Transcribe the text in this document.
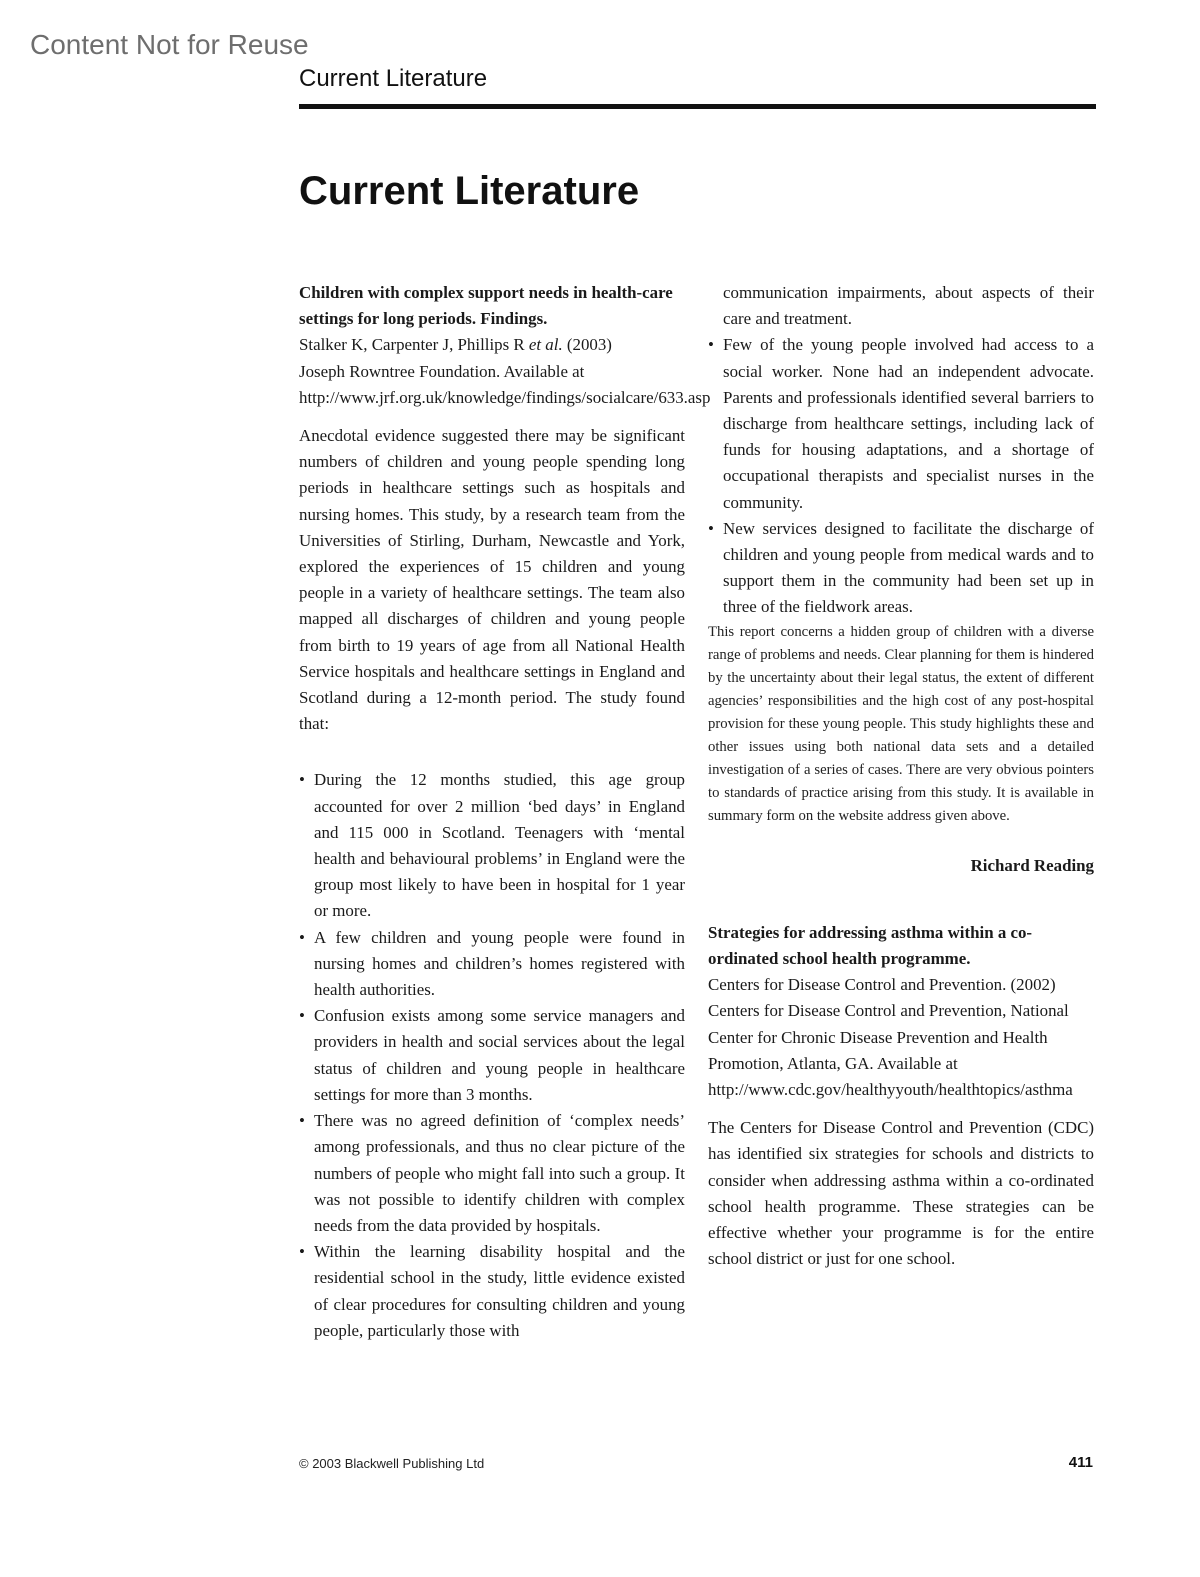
Content Not for Reuse
Current Literature
Current Literature

Children with complex support needs in health-care settings for long periods. Findings.

Stalker K, Carpenter J, Phillips R et al. (2003)

Joseph Rowntree Foundation. Available at http://www.jrf.org.uk/knowledge/findings/socialcare/633.asp

Anecdotal evidence suggested there may be significant numbers of children and young people spending long periods in healthcare settings such as hospitals and nursing homes. This study, by a research team from the Universities of Stirling, Durham, Newcastle and York, explored the experiences of 15 children and young people in a variety of healthcare settings. The team also mapped all discharges of children and young people from birth to 19 years of age from all National Health Service hospitals and healthcare settings in England and Scotland during a 12-month period. The study found that:

• During the 12 months studied, this age group accounted for over 2 million ‘bed days’ in England and 115 000 in Scotland. Teenagers with ‘mental health and behavioural problems’ in England were the group most likely to have been in hospital for 1 year or more.
• A few children and young people were found in nursing homes and children’s homes registered with health authorities.
• Confusion exists among some service managers and providers in health and social services about the legal status of children and young people in healthcare settings for more than 3 months.
• There was no agreed definition of ‘complex needs’ among professionals, and thus no clear picture of the numbers of people who might fall into such a group. It was not possible to identify children with complex needs from the data provided by hospitals.
• Within the learning disability hospital and the residential school in the study, little evidence existed of clear procedures for consulting children and young people, particularly those with

communication impairments, about aspects of their care and treatment.

• Few of the young people involved had access to a social worker. None had an independent advocate. Parents and professionals identified several barriers to discharge from healthcare settings, including lack of funds for housing adaptations, and a shortage of occupational therapists and specialist nurses in the community.
• New services designed to facilitate the discharge of children and young people from medical wards and to support them in the community had been set up in three of the fieldwork areas.

This report concerns a hidden group of children with a diverse range of problems and needs. Clear planning for them is hindered by the uncertainty about their legal status, the extent of different agencies’ responsibilities and the high cost of any post-hospital provision for these young people. This study highlights these and other issues using both national data sets and a detailed investigation of a series of cases. There are very obvious pointers to standards of practice arising from this study. It is available in summary form on the website address given above.

Richard Reading

Strategies for addressing asthma within a co-ordinated school health programme.

Centers for Disease Control and Prevention. (2002) Centers for Disease Control and Prevention, National Center for Chronic Disease Prevention and Health Promotion, Atlanta, GA. Available at http://www.cdc.gov/healthyyouth/healthtopics/asthma

The Centers for Disease Control and Prevention (CDC) has identified six strategies for schools and districts to consider when addressing asthma within a co-ordinated school health programme. These strategies can be effective whether your programme is for the entire school district or just for one school.

© 2003 Blackwell Publishing Ltd	411
